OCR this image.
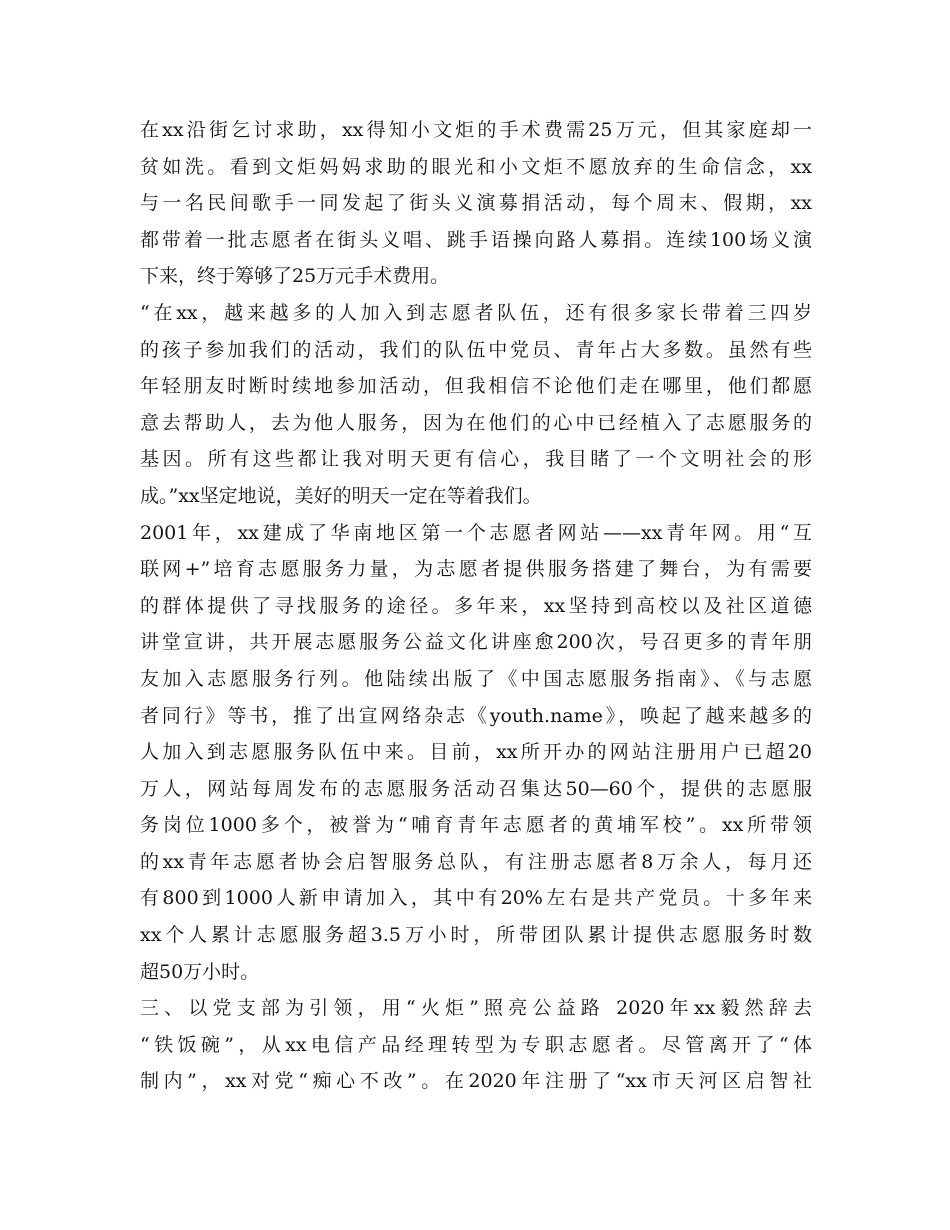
在xx沿街乞讨求助，xx得知小文炬的手术费需25万元，但其家庭却一
贫如洗。看到文炬妈妈求助的眼光和小文炬不愿放弃的生命信念，xx
与一名民间歌手一同发起了街头义演募捐活动，每个周末、假期，xx
都带着一批志愿者在街头义唱、跳手语操向路人募捐。连续100场义演
下来，终于筹够了25万元手术费用。
“在xx，越来越多的人加入到志愿者队伍，还有很多家长带着三四岁
的孩子参加我们的活动，我们的队伍中党员、青年占大多数。虽然有些
年轻朋友时断时续地参加活动，但我相信不论他们走在哪里，他们都愿
意去帮助人，去为他人服务，因为在他们的心中已经植入了志愿服务的
基因。所有这些都让我对明天更有信心，我目睹了一个文明社会的形
成。”xx坚定地说，美好的明天一定在等着我们。
2001年，xx建成了华南地区第一个志愿者网站——xx青年网。用“互
联网+”培育志愿服务力量，为志愿者提供服务搭建了舞台，为有需要
的群体提供了寻找服务的途径。多年来，xx坚持到高校以及社区道德
讲堂宣讲，共开展志愿服务公益文化讲座愈200次，号召更多的青年朋
友加入志愿服务行列。他陆续出版了《中国志愿服务指南》、《与志愿
者同行》等书，推了出宣网络杂志《youth.name》，唤起了越来越多的
人加入到志愿服务队伍中来。目前，xx所开办的网站注册用户已超20
万人，网站每周发布的志愿服务活动召集达50—60个，提供的志愿服
务岗位1000多个，被誉为“哺育青年志愿者的黄埔军校”。xx所带领
的xx青年志愿者协会启智服务总队，有注册志愿者8万余人，每月还
有800到1000人新申请加入，其中有20%左右是共产党员。十多年来
xx个人累计志愿服务超3.5万小时，所带团队累计提供志愿服务时数
超50万小时。
三、以党支部为引领，用“火炬”照亮公益路 2020年xx毅然辞去
“铁饭碗”，从xx电信产品经理转型为专职志愿者。尽管离开了“体
制内”，xx对党“痴心不改”。在2020年注册了“xx市天河区启智社
